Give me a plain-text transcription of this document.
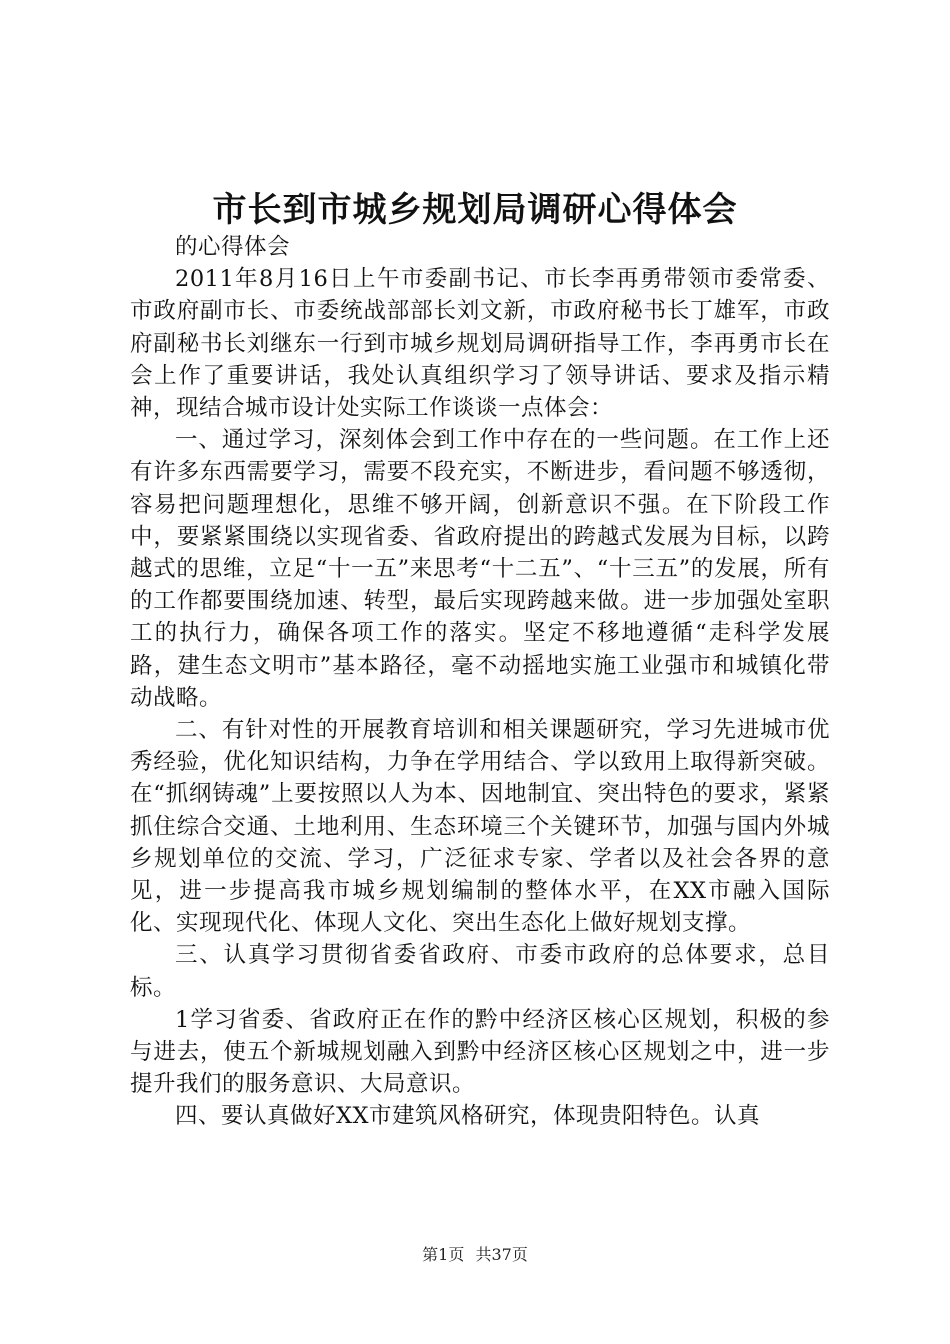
市长到市城乡规划局调研心得体会

的心得体会

2011年8月16日上午市委副书记、市长李再勇带领市委常委、市政府副市长、市委统战部部长刘文新，市政府秘书长丁雄军，市政府副秘书长刘继东一行到市城乡规划局调研指导工作，李再勇市长在会上作了重要讲话，我处认真组织学习了领导讲话、要求及指示精神，现结合城市设计处实际工作谈谈一点体会：

一、通过学习，深刻体会到工作中存在的一些问题。在工作上还有许多东西需要学习，需要不段充实，不断进步，看问题不够透彻，容易把问题理想化，思维不够开阔，创新意识不强。在下阶段工作中，要紧紧围绕以实现省委、省政府提出的跨越式发展为目标，以跨越式的思维，立足“十一五”来思考“十二五”、“十三五”的发展，所有的工作都要围绕加速、转型，最后实现跨越来做。进一步加强处室职工的执行力，确保各项工作的落实。坚定不移地遵循“走科学发展路，建生态文明市”基本路径，毫不动摇地实施工业强市和城镇化带动战略。

二、有针对性的开展教育培训和相关课题研究，学习先进城市优秀经验，优化知识结构，力争在学用结合、学以致用上取得新突破。在“抓纲铸魂”上要按照以人为本、因地制宜、突出特色的要求，紧紧抓住综合交通、土地利用、生态环境三个关键环节，加强与国内外城乡规划单位的交流、学习，广泛征求专家、学者以及社会各界的意见，进一步提高我市城乡规划编制的整体水平，在XX市融入国际化、实现现代化、体现人文化、突出生态化上做好规划支撑。

三、认真学习贯彻省委省政府、市委市政府的总体要求，总目标。

1学习省委、省政府正在作的黔中经济区核心区规划，积极的参与进去，使五个新城规划融入到黔中经济区核心区规划之中，进一步提升我们的服务意识、大局意识。

四、要认真做好XX市建筑风格研究，体现贵阳特色。认真

第1页 共37页
